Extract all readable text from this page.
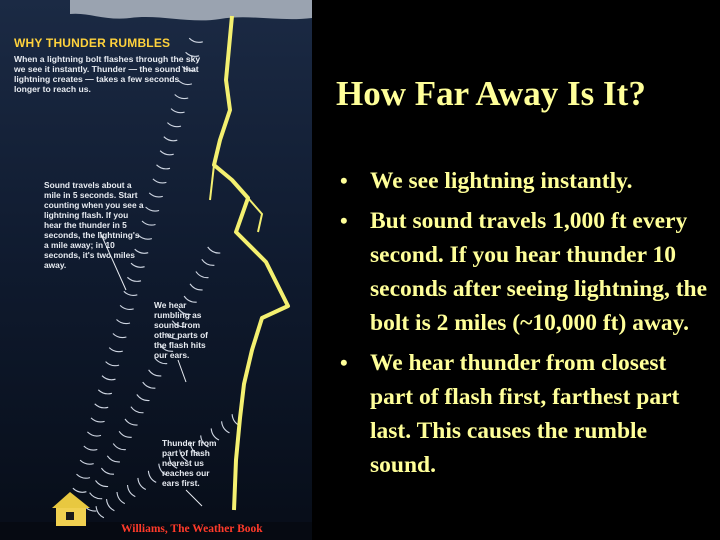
WHY THUNDER RUMBLES
When a lightning bolt flashes through the sky we see it instantly. Thunder — the sound that lightning creates — takes a few seconds longer to reach us.
Sound travels about a mile in 5 seconds. Start counting when you see a lightning flash. If you hear the thunder in 5 seconds, the lightning's a mile away; in 10 seconds, it's two miles away.
We hear rumbling as sound from other parts of the flash hits our ears.
Thunder from part of flash nearest us reaches our ears first.
Williams, The Weather Book
How Far Away Is It?
• We see lightning instantly.
• But sound travels 1,000 ft every second. If you hear thunder 10 seconds after seeing lightning, the bolt is 2 miles (~10,000 ft) away.
• We hear thunder from closest part of flash first, farthest part last. This causes the rumble sound.
